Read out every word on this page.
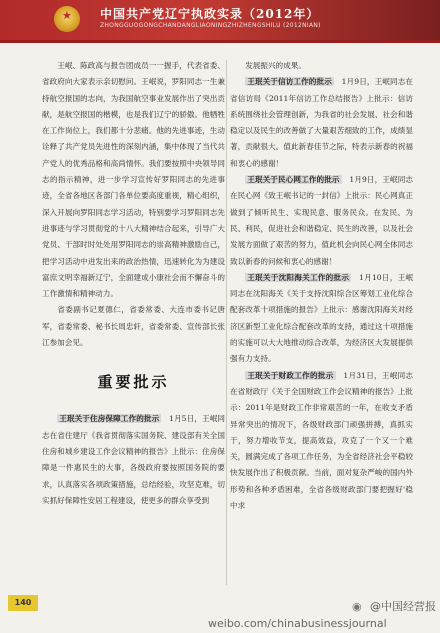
★ 中国共产党辽宁执政实录（2012年）
ZHONGGUOGONGCHANDANGLIAONINGZHIZHENGSHILU (2012NIAN)

王岷、陈政高与报告团成员一一握手，代表省委、省政府向大家表示亲切慰问。王岷说，罗阳同志一生兼持航空报国的志向，为我国航空事业发展作出了突出贡献，是航空报国的楷模，也是我们辽宁的骄傲。他牺牲在工作岗位上，我们都十分悲痛。他的先进事迹，生动诠释了共产党员先进性的深刻内涵，集中体现了当代共产党人的优秀品格和高尚情怀。我们要按照中央领导同志的指示精神，进一步学习宣传好罗阳同志的先进事迹，全省各地区各部门各单位要高度重视，精心组织，深入开展向罗阳同志学习活动，特别要学习罗阳同志先进事迹与学习贯彻党的十八大精神结合起来，引导广大党员、干部时时处处用罗阳同志的崇高精神激励自己，把学习活动中迸发出来的政治热情，迅速转化为为建设富庶文明幸福新辽宁，全面建成小康社会而不懈奋斗的工作激情和精神动力。

省委副书记夏德仁，省委常委、大连市委书记唐军，省委常委、秘书长周忠轩，省委常委、宣传部长张江参加会见。

重要批示

王珉关于住房保障工作的批示　 1月5日，王岷同志在省住建厅《我省贯彻落实国务院、建设部有关全国住房和城乡建设工作会议精神的报告》上批示：住房保障是一件惠民生的大事，各级政府要按照国务院的要求，认真落实各项政策措施，总结经验，攻坚克难，切实抓好保障性安居工程建设，使更多的群众享受到

发展振兴的成果。

王珉关于信访工作的批示　 1月9日，王岷同志在省信访局《2011年信访工作总结报告》上批示：信访系统围绕社会管理创新，为我省的社会发展、社会和谐稳定以及民生的改善做了大量艰苦细致的工作，成绩显著，贡献很大。值此新春佳节之际，特表示新春的祝福和衷心的感谢！

王珉关于民心网工作的批示　 1月9日，王岷同志在民心网《致王岷书记的一封信》上批示：民心网真正做到了倾听民生、实现民意、服务民众。在发民、为民、利民，促进社会和谐稳定、民生的改善，以及社会发展方面做了艰苦的努力，值此机会向民心网全体同志致以新春的问候和衷心的感谢！

王珉关于沈阳海关工作的批示　 1月10日，王岷同志在沈阳海关《关于支持沈阳综合区筹划工业化综合配套改革十项措施的报告》上批示：感谢沈阳海关对经济区新型工业化综合配套改革的支持，通过这十项措施的实施可以大大地推动综合改革，为经济区大发展提供强有力支持。

王珉关于财政工作的批示　 1月31日，王岷同志在省财政厅《关于全国财政工作会议精神的报告》上批示：2011年是财政工作非常艰苦的一年，在收支矛盾异常突出的情况下，各级财政部门顽强拼搏，真抓实干，努力增收节支，提高效益，攻克了一个又一个难关，圆满完成了各项工作任务，为全省经济社会平稳较快发展作出了积极贡献。当前，面对复杂严峻的国内外形势和各种矛盾困难，全省各级财政部门要把握好'稳中求

140	◉ @中国经营报
weibo.com/chinabusinessjournal
